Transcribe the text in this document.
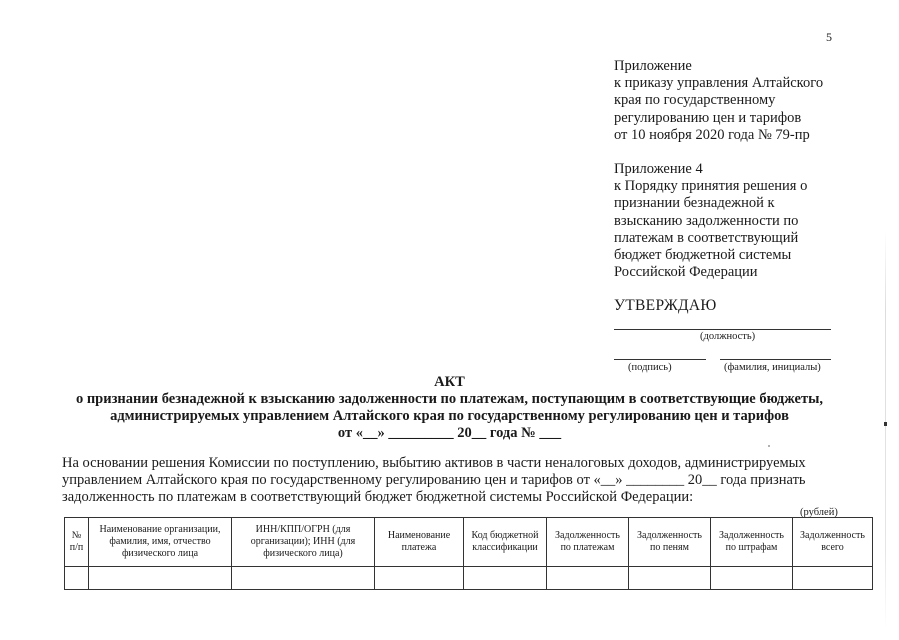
5
Приложение
к приказу управления Алтайского
края по государственному
регулированию цен и тарифов
от 10 ноября 2020 года № 79-пр
Приложение 4
к Порядку принятия решения о
признании безнадежной к
взысканию задолженности по
платежам в соответствующий
бюджет бюджетной системы
Российской Федерации
УТВЕРЖДАЮ
(должность)
(подпись)	(фамилия, инициалы)
АКТ
о признании безнадежной к взысканию задолженности по платежам, поступающим в соответствующие бюджеты,
администрируемых управлением Алтайского края по государственному регулированию цен и тарифов
от «__» _________ 20__ года № ___
На основании решения Комиссии по поступлению, выбытию активов в части неналоговых доходов, администрируемых
управлением Алтайского края по государственному регулированию цен и тарифов от «__» ________ 20__ года признать
задолженность по платежам в соответствующий бюджет бюджетной системы Российской Федерации:
(рублей)
№ п/п	Наименование организации, фамилия, имя, отчество физического лица	ИНН/КПП/ОГРН (для организации); ИНН (для физического лица)	Наименование платежа	Код бюджетной классификации	Задолженность по платежам	Задолженность по пеням	Задолженность по штрафам	Задолженность всего
